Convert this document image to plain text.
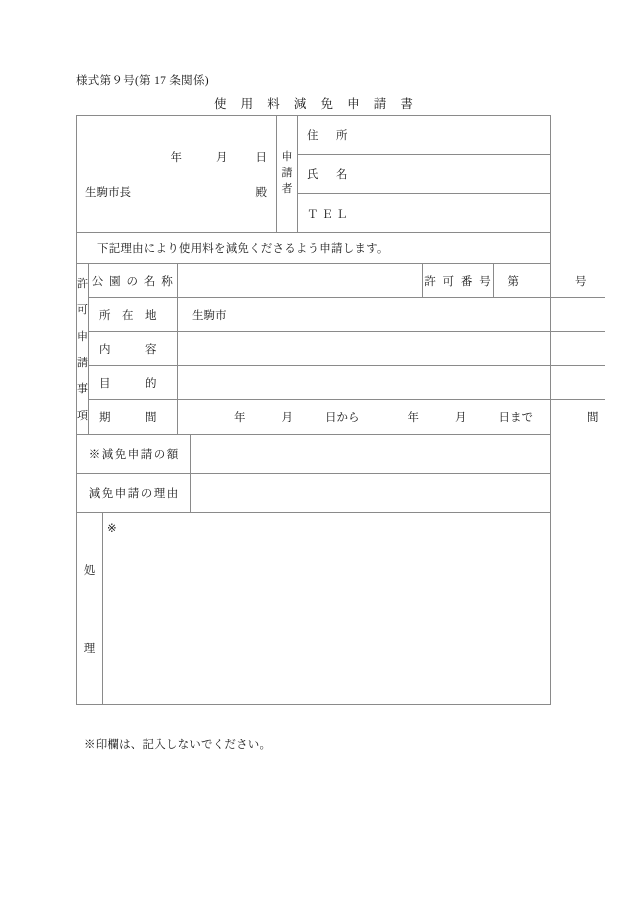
様式第９号(第 17 条関係)
使 用 料 減 免 申 請 書
年	月 日
生駒市長	殿
申
請
者
住　所
氏　名
ＴＥＬ
下記理由により使用料を減免くださるよう申請します。
許
可
申
請
事
項
公 園 の 名 称	許 可 番 号 第	号
所　在　地	生駒市
内　　　容
目　　　的
期　　　間	年	月	日から	年	月	日まで	間
※減免申請の額
減免申請の理由
処
理
※
※印欄は、記入しないでください。
